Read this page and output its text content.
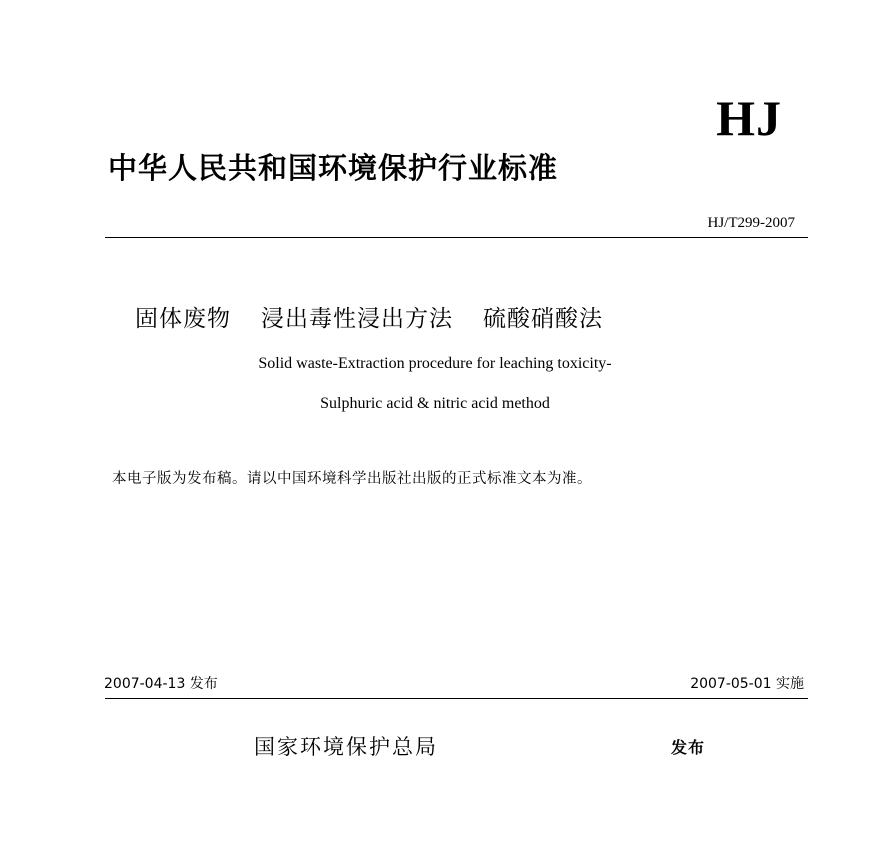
HJ
中华人民共和国环境保护行业标准
HJ/T299-2007
固体废物 浸出毒性浸出方法 硫酸硝酸法
Solid waste-Extraction procedure for leaching toxicity-
Sulphuric acid & nitric acid method
本电子版为发布稿。请以中国环境科学出版社出版的正式标准文本为准。
2007-04-13 发布	2007-05-01 实施
国家环境保护总局	发布
